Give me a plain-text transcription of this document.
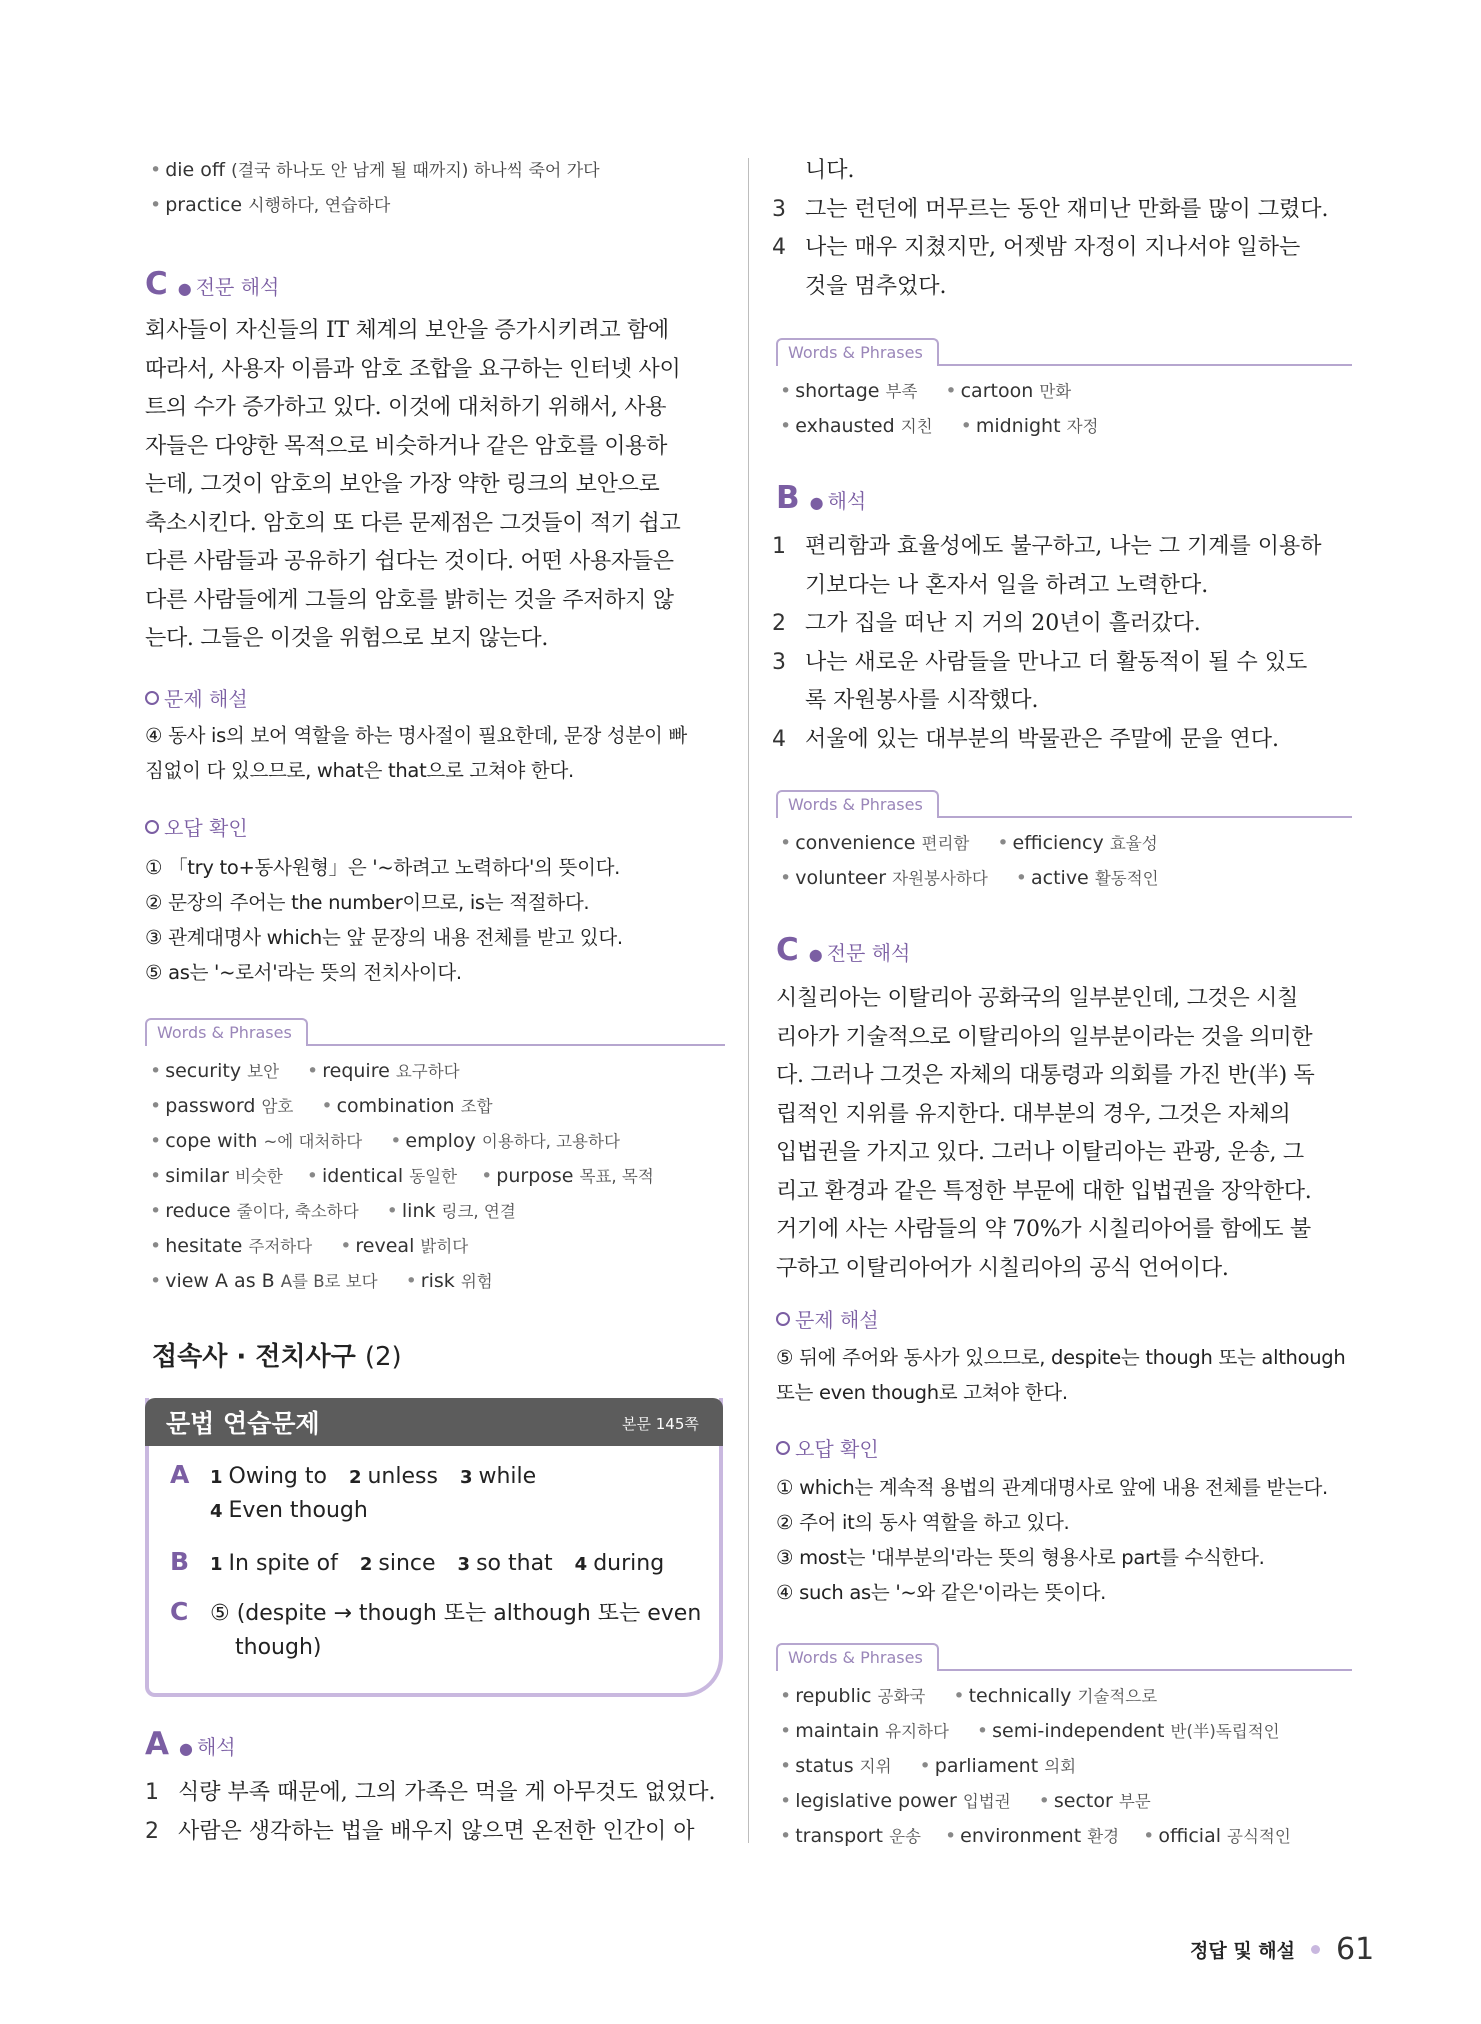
• die off (결국 하나도 안 남게 될 때까지) 하나씩 죽어 가다
• practice 시행하다, 연습하다
C ● 전문 해석
회사들이 자신들의 IT 체계의 보안을 증가시키려고 함에
따라서, 사용자 이름과 암호 조합을 요구하는 인터넷 사이
트의 수가 증가하고 있다. 이것에 대처하기 위해서, 사용
자들은 다양한 목적으로 비슷하거나 같은 암호를 이용하
는데, 그것이 암호의 보안을 가장 약한 링크의 보안으로
축소시킨다. 암호의 또 다른 문제점은 그것들이 적기 쉽고
다른 사람들과 공유하기 쉽다는 것이다. 어떤 사용자들은
다른 사람들에게 그들의 암호를 밝히는 것을 주저하지 않
는다. 그들은 이것을 위험으로 보지 않는다.
문제 해설
④ 동사 is의 보어 역할을 하는 명사절이 필요한데, 문장 성분이 빠
짐없이 다 있으므로, what은 that으로 고쳐야 한다.
오답 확인
① 「try to+동사원형」은 '~하려고 노력하다'의 뜻이다.
② 문장의 주어는 the number이므로, is는 적절하다.
③ 관계대명사 which는 앞 문장의 내용 전체를 받고 있다.
⑤ as는 '~로서'라는 뜻의 전치사이다.
Words & Phrases
• security 보안 • require 요구하다
• password 암호 • combination 조합
• cope with ~에 대처하다 • employ 이용하다, 고용하다
• similar 비슷한 • identical 동일한 • purpose 목표, 목적
• reduce 줄이다, 축소하다 • link 링크, 연결
• hesitate 주저하다 • reveal 밝히다
• view A as B A를 B로 보다 • risk 위험
접속사 · 전치사구 (2)
문법 연습문제	본문 145쪽
A 1 Owing to 2 unless 3 while
4 Even though
B 1 In spite of 2 since 3 so that 4 during
C ⑤ (despite → though 또는 although 또는 even
though)
A ● 해석
1 식량 부족 때문에, 그의 가족은 먹을 게 아무것도 없었다.
2 사람은 생각하는 법을 배우지 않으면 온전한 인간이 아
니다.
3 그는 런던에 머무르는 동안 재미난 만화를 많이 그렸다.
4 나는 매우 지쳤지만, 어젯밤 자정이 지나서야 일하는
것을 멈추었다.
Words & Phrases
• shortage 부족 • cartoon 만화
• exhausted 지친 • midnight 자정
B ● 해석
1 편리함과 효율성에도 불구하고, 나는 그 기계를 이용하
기보다는 나 혼자서 일을 하려고 노력한다.
2 그가 집을 떠난 지 거의 20년이 흘러갔다.
3 나는 새로운 사람들을 만나고 더 활동적이 될 수 있도
록 자원봉사를 시작했다.
4 서울에 있는 대부분의 박물관은 주말에 문을 연다.
Words & Phrases
• convenience 편리함 • efficiency 효율성
• volunteer 자원봉사하다 • active 활동적인
C ● 전문 해석
시칠리아는 이탈리아 공화국의 일부분인데, 그것은 시칠
리아가 기술적으로 이탈리아의 일부분이라는 것을 의미한
다. 그러나 그것은 자체의 대통령과 의회를 가진 반(半) 독
립적인 지위를 유지한다. 대부분의 경우, 그것은 자체의
입법권을 가지고 있다. 그러나 이탈리아는 관광, 운송, 그
리고 환경과 같은 특정한 부문에 대한 입법권을 장악한다.
거기에 사는 사람들의 약 70%가 시칠리아어를 함에도 불
구하고 이탈리아어가 시칠리아의 공식 언어이다.
문제 해설
⑤ 뒤에 주어와 동사가 있으므로, despite는 though 또는 although
또는 even though로 고쳐야 한다.
오답 확인
① which는 계속적 용법의 관계대명사로 앞에 내용 전체를 받는다.
② 주어 it의 동사 역할을 하고 있다.
③ most는 '대부분의'라는 뜻의 형용사로 part를 수식한다.
④ such as는 '~와 같은'이라는 뜻이다.
Words & Phrases
• republic 공화국 • technically 기술적으로
• maintain 유지하다 • semi-independent 반(半)독립적인
• status 지위 • parliament 의회
• legislative power 입법권 • sector 부문
• transport 운송 • environment 환경 • official 공식적인
정답 및 해설 61
